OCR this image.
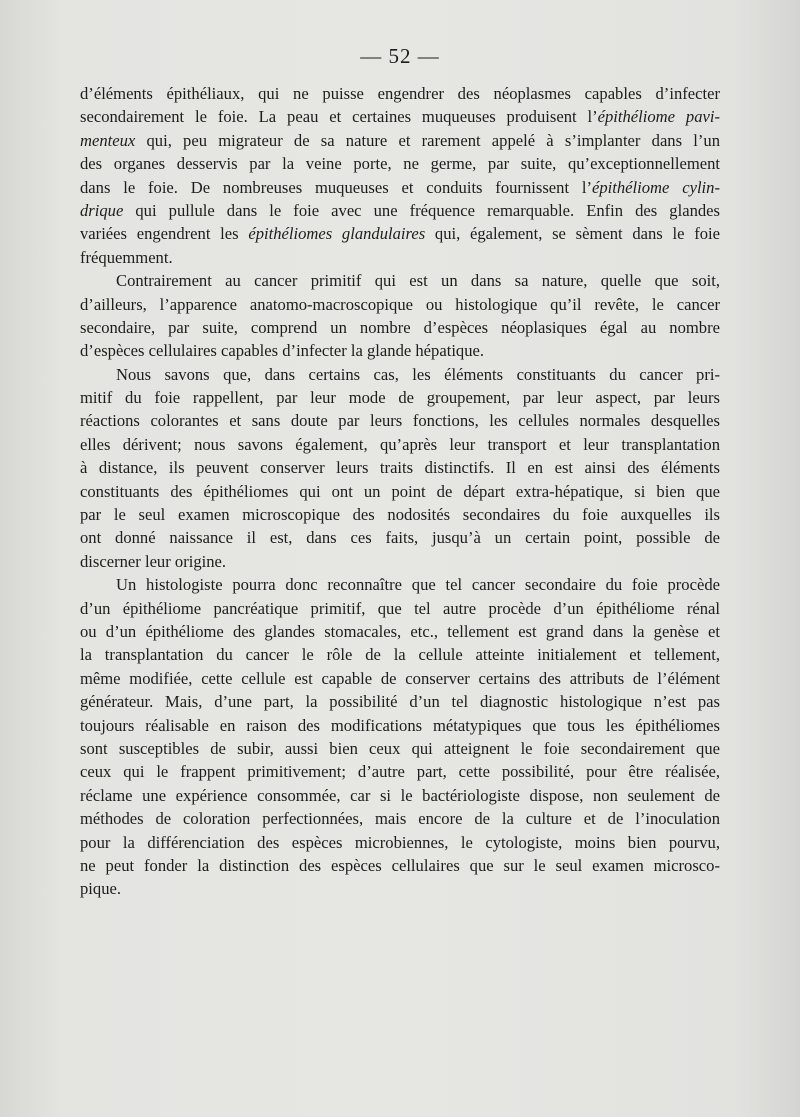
— 52 —
d’éléments épithéliaux, qui ne puisse engendrer des néoplasmes capables d’infecter
secondairement le foie. La peau et certaines muqueuses produisent l’épithéliome pavi-
menteux qui, peu migrateur de sa nature et rarement appelé à s’implanter dans l’un
des organes desservis par la veine porte, ne germe, par suite, qu’exceptionnellement
dans le foie. De nombreuses muqueuses et conduits fournissent l’épithéliome cylin-
drique qui pullule dans le foie avec une fréquence remarquable. Enfin des glandes
variées engendrent les épithéliomes glandulaires qui, également, se sèment dans le foie
fréquemment.
Contrairement au cancer primitif qui est un dans sa nature, quelle que soit,
d’ailleurs, l’apparence anatomo-macroscopique ou histologique qu’il revête, le cancer
secondaire, par suite, comprend un nombre d’espèces néoplasiques égal au nombre
d’espèces cellulaires capables d’infecter la glande hépatique.
Nous savons que, dans certains cas, les éléments constituants du cancer pri-
mitif du foie rappellent, par leur mode de groupement, par leur aspect, par leurs
réactions colorantes et sans doute par leurs fonctions, les cellules normales desquelles
elles dérivent; nous savons également, qu’après leur transport et leur transplantation
à distance, ils peuvent conserver leurs traits distinctifs. Il en est ainsi des éléments
constituants des épithéliomes qui ont un point de départ extra-hépatique, si bien que
par le seul examen microscopique des nodosités secondaires du foie auxquelles ils
ont donné naissance il est, dans ces faits, jusqu’à un certain point, possible de
discerner leur origine.
Un histologiste pourra donc reconnaître que tel cancer secondaire du foie procède
d’un épithéliome pancréatique primitif, que tel autre procède d’un épithéliome rénal
ou d’un épithéliome des glandes stomacales, etc., tellement est grand dans la genèse et
la transplantation du cancer le rôle de la cellule atteinte initialement et tellement,
même modifiée, cette cellule est capable de conserver certains des attributs de l’élément
générateur. Mais, d’une part, la possibilité d’un tel diagnostic histologique n’est pas
toujours réalisable en raison des modifications métatypiques que tous les épithéliomes
sont susceptibles de subir, aussi bien ceux qui atteignent le foie secondairement que
ceux qui le frappent primitivement; d’autre part, cette possibilité, pour être réalisée,
réclame une expérience consommée, car si le bactériologiste dispose, non seulement de
méthodes de coloration perfectionnées, mais encore de la culture et de l’inoculation
pour la différenciation des espèces microbiennes, le cytologiste, moins bien pourvu,
ne peut fonder la distinction des espèces cellulaires que sur le seul examen microsco-
pique.
